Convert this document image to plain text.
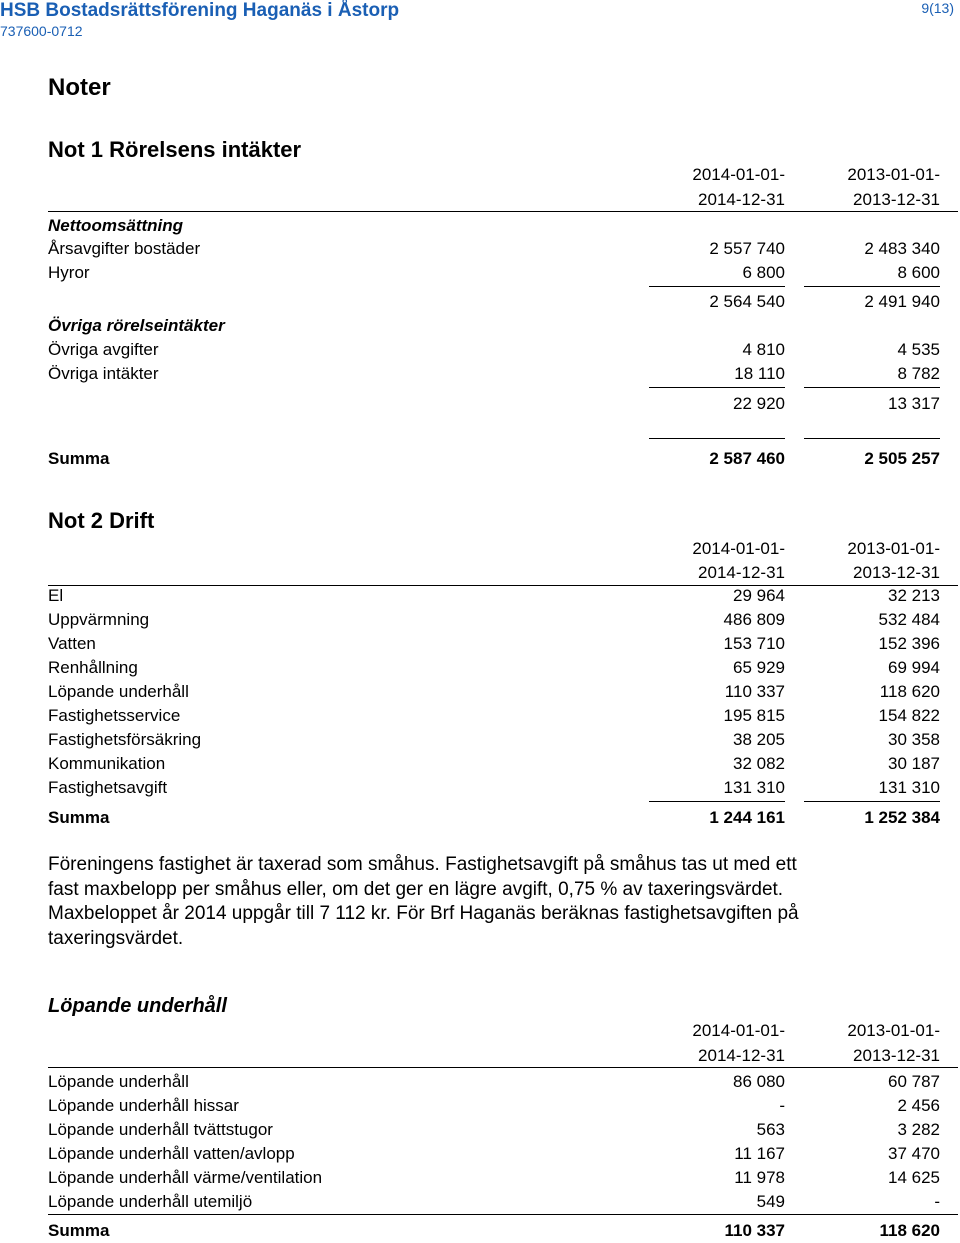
HSB Bostadsrättsförening Haganäs i Åstorp
737600-0712
9(13)
Noter
Not 1 Rörelsens intäkter
2014-01-01-	2013-01-01-
2014-12-31	2013-12-31
Nettoomsättning
Årsavgifter bostäder	2 557 740	2 483 340
Hyror	6 800	8 600
2 564 540	2 491 940
Övriga rörelseintäkter
Övriga avgifter	4 810	4 535
Övriga intäkter	18 110	8 782
22 920	13 317
Summa	2 587 460	2 505 257
Not 2 Drift
2014-01-01-	2013-01-01-
2014-12-31	2013-12-31
El	29 964	32 213
Uppvärmning	486 809	532 484
Vatten	153 710	152 396
Renhållning	65 929	69 994
Löpande underhåll	110 337	118 620
Fastighetsservice	195 815	154 822
Fastighetsförsäkring	38 205	30 358
Kommunikation	32 082	30 187
Fastighetsavgift	131 310	131 310
Summa	1 244 161	1 252 384
Föreningens fastighet är taxerad som småhus. Fastighetsavgift på småhus tas ut med ett
fast maxbelopp per småhus eller, om det ger en lägre avgift, 0,75 % av taxeringsvärdet.
Maxbeloppet år 2014 uppgår till 7 112 kr. För Brf Haganäs beräknas fastighetsavgiften på
taxeringsvärdet.
Löpande underhåll
2014-01-01-	2013-01-01-
2014-12-31	2013-12-31
Löpande underhåll	86 080	60 787
Löpande underhåll hissar	-	2 456
Löpande underhåll tvättstugor	563	3 282
Löpande underhåll vatten/avlopp	11 167	37 470
Löpande underhåll värme/ventilation	11 978	14 625
Löpande underhåll utemiljö	549	-
Summa	110 337	118 620
